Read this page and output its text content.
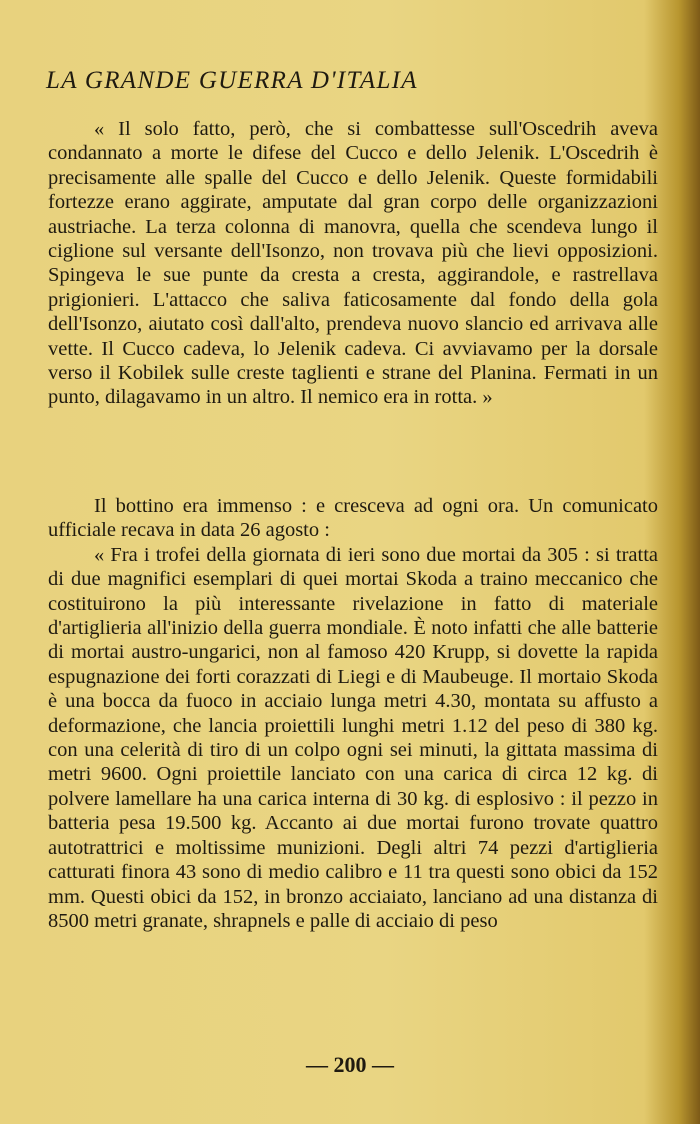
LA GRANDE GUERRA D'ITALIA

« Il solo fatto, però, che si combattesse sull'Oscedrih aveva condannato a morte le difese del Cucco e dello Jelenik. L'Oscedrih è precisamente alle spalle del Cucco e dello Jelenik. Queste formidabili fortezze erano aggirate, amputate dal gran corpo delle organizzazioni austriache. La terza colonna di manovra, quella che scendeva lungo il ciglione sul versante dell'Isonzo, non trovava più che lievi opposizioni. Spingeva le sue punte da cresta a cresta, aggirandole, e rastrellava prigionieri. L'attacco che saliva faticosamente dal fondo della gola dell'Isonzo, aiutato così dall'alto, prendeva nuovo slancio ed arrivava alle vette. Il Cucco cadeva, lo Jelenik cadeva. Ci avviavamo per la dorsale verso il Kobilek sulle creste taglienti e strane del Planina. Fermati in un punto, dilagavamo in un altro. Il nemico era in rotta. »

Il bottino era immenso : e cresceva ad ogni ora. Un comunicato ufficiale recava in data 26 agosto :

« Fra i trofei della giornata di ieri sono due mortai da 305 : si tratta di due magnifici esemplari di quei mortai Skoda a traino meccanico che costituirono la più interessante rivelazione in fatto di materiale d'artiglieria all'inizio della guerra mondiale. È noto infatti che alle batterie di mortai austro-ungarici, non al famoso 420 Krupp, si dovette la rapida espugnazione dei forti corazzati di Liegi e di Maubeuge. Il mortaio Skoda è una bocca da fuoco in acciaio lunga metri 4.30, montata su affusto a deformazione, che lancia proiettili lunghi metri 1.12 del peso di 380 kg. con una celerità di tiro di un colpo ogni sei minuti, la gittata massima di metri 9600. Ogni proiettile lanciato con una carica di circa 12 kg. di polvere lamellare ha una carica interna di 30 kg. di esplosivo : il pezzo in batteria pesa 19.500 kg. Accanto ai due mortai furono trovate quattro autotrattrici e moltissime munizioni. Degli altri 74 pezzi d'artiglieria catturati finora 43 sono di medio calibro e 11 tra questi sono obici da 152 mm. Questi obici da 152, in bronzo acciaiato, lanciano ad una distanza di 8500 metri granate, shrapnels e palle di acciaio di peso

— 200 —
